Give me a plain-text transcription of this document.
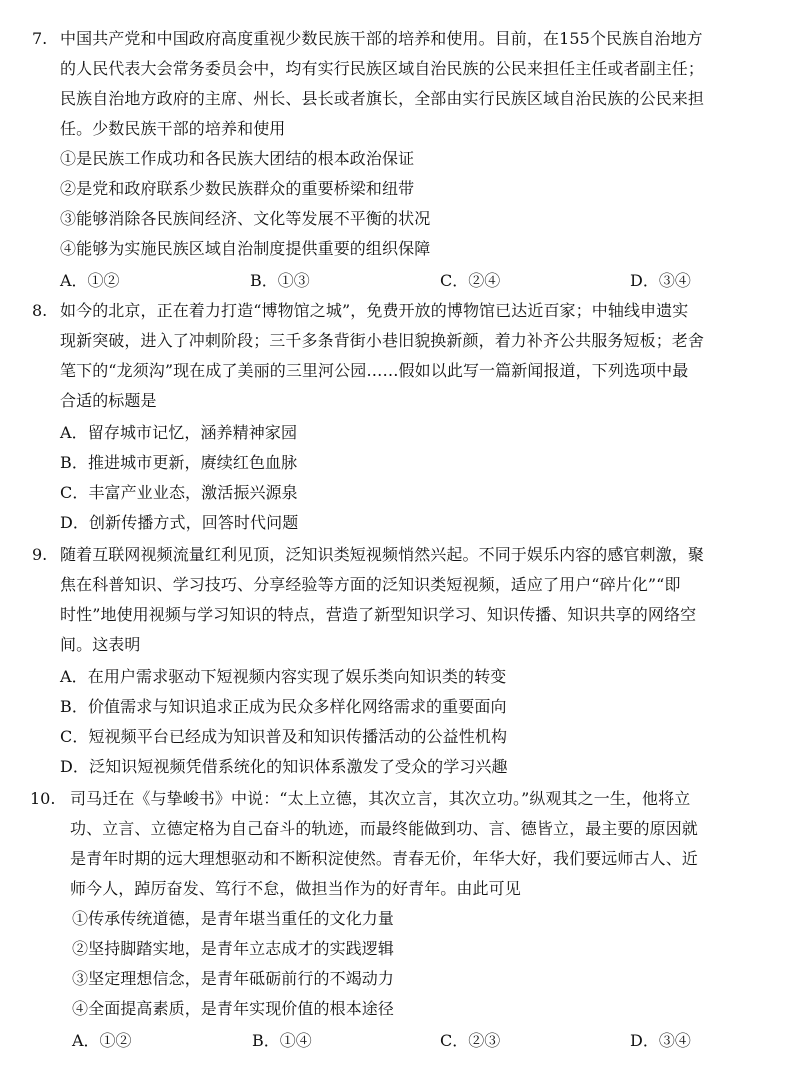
7. 中国共产党和中国政府高度重视少数民族干部的培养和使用。目前，在155个民族自治地方
的人民代表大会常务委员会中，均有实行民族区域自治民族的公民来担任主任或者副主任；
民族自治地方政府的主席、州长、县长或者旗长，全部由实行民族区域自治民族的公民来担
任。少数民族干部的培养和使用
①是民族工作成功和各民族大团结的根本政治保证
②是党和政府联系少数民族群众的重要桥梁和纽带
③能够消除各民族间经济、文化等发展不平衡的状况
④能够为实施民族区域自治制度提供重要的组织保障
A．①②	B．①③	C．②④	D．③④
8. 如今的北京，正在着力打造“博物馆之城”，免费开放的博物馆已达近百家；中轴线申遗实
现新突破，进入了冲刺阶段；三千多条背街小巷旧貌换新颜，着力补齐公共服务短板；老舍
笔下的“龙须沟”现在成了美丽的三里河公园……假如以此写一篇新闻报道，下列选项中最
合适的标题是
A．留存城市记忆，涵养精神家园
B．推进城市更新，赓续红色血脉
C．丰富产业业态，激活振兴源泉
D．创新传播方式，回答时代问题
9. 随着互联网视频流量红利见顶，泛知识类短视频悄然兴起。不同于娱乐内容的感官刺激，聚
焦在科普知识、学习技巧、分享经验等方面的泛知识类短视频，适应了用户“碎片化”“即
时性”地使用视频与学习知识的特点，营造了新型知识学习、知识传播、知识共享的网络空
间。这表明
A．在用户需求驱动下短视频内容实现了娱乐类向知识类的转变
B．价值需求与知识追求正成为民众多样化网络需求的重要面向
C．短视频平台已经成为知识普及和知识传播活动的公益性机构
D．泛知识短视频凭借系统化的知识体系激发了受众的学习兴趣
10. 司马迁在《与挚峻书》中说：“太上立德，其次立言，其次立功。”纵观其之一生，他将立
功、立言、立德定格为自己奋斗的轨迹，而最终能做到功、言、德皆立，最主要的原因就
是青年时期的远大理想驱动和不断积淀使然。青春无价，年华大好，我们要远师古人、近
师今人，踔厉奋发、笃行不怠，做担当作为的好青年。由此可见
①传承传统道德，是青年堪当重任的文化力量
②坚持脚踏实地，是青年立志成才的实践逻辑
③坚定理想信念，是青年砥砺前行的不竭动力
④全面提高素质，是青年实现价值的根本途径
A．①②	B．①④	C．②③	D．③④
